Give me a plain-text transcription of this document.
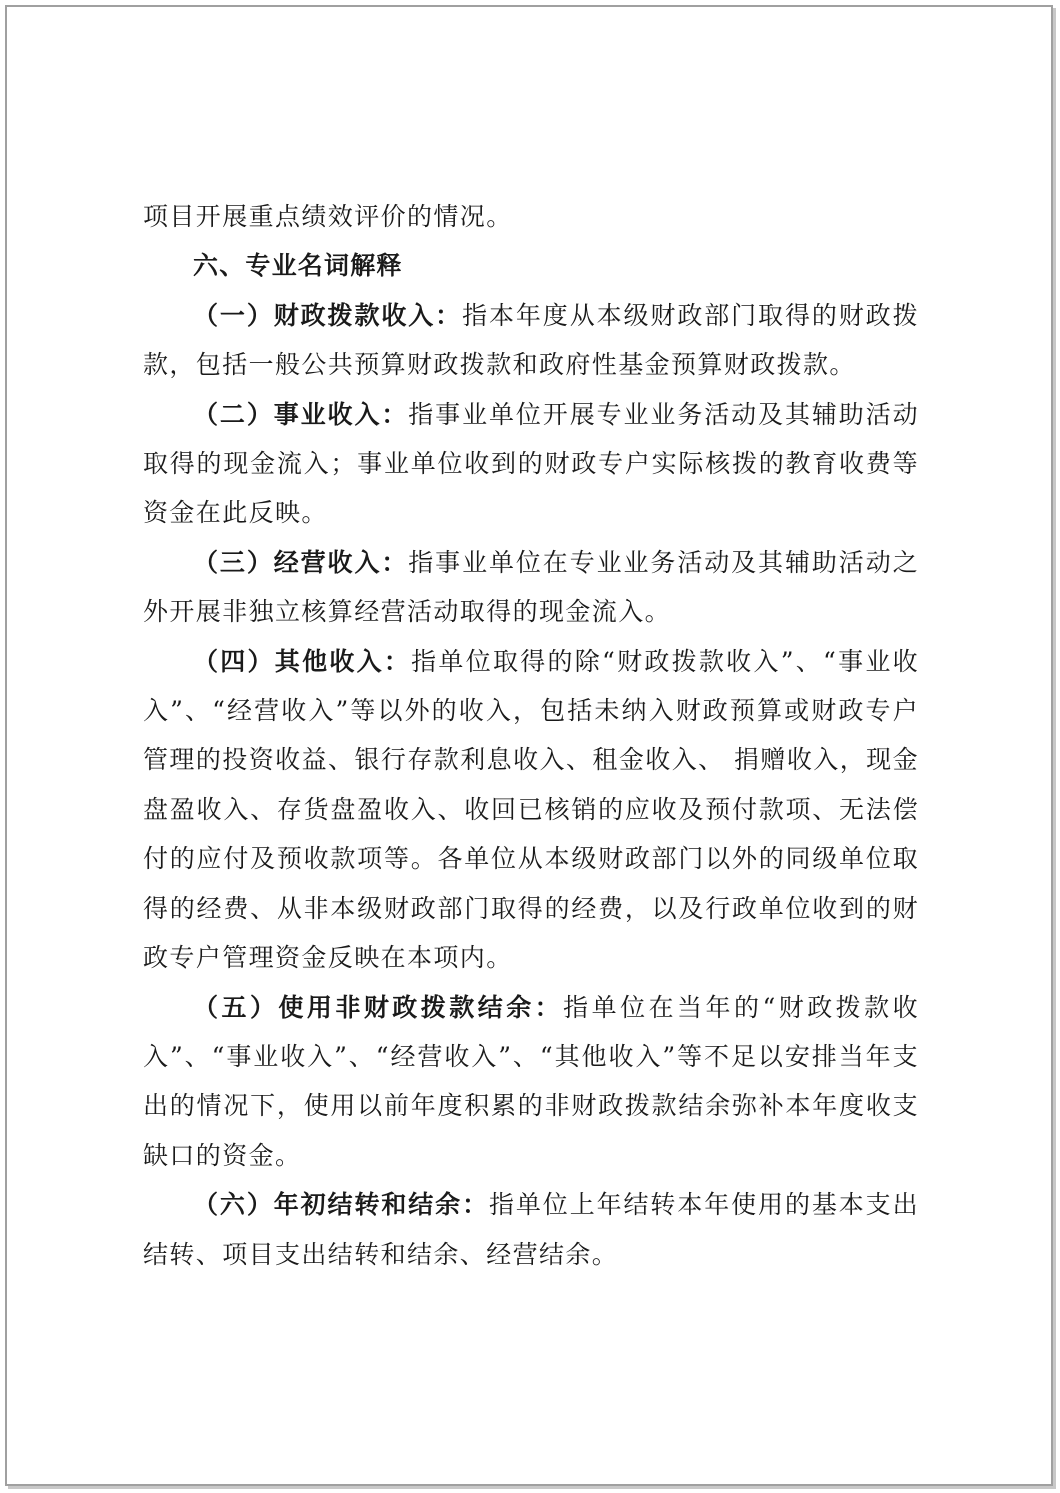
项目开展重点绩效评价的情况。

六、专业名词解释

（一）财政拨款收入：指本年度从本级财政部门取得的财政拨款，包括一般公共预算财政拨款和政府性基金预算财政拨款。

（二）事业收入：指事业单位开展专业业务活动及其辅助活动取得的现金流入；事业单位收到的财政专户实际核拨的教育收费等资金在此反映。

（三）经营收入：指事业单位在专业业务活动及其辅助活动之外开展非独立核算经营活动取得的现金流入。

（四）其他收入：指单位取得的除“财政拨款收入”、“事业收入”、“经营收入”等以外的收入，包括未纳入财政预算或财政专户管理的投资收益、银行存款利息收入、租金收入、 捐赠收入，现金盘盈收入、存货盘盈收入、收回已核销的应收及预付款项、无法偿付的应付及预收款项等。各单位从本级财政部门以外的同级单位取得的经费、从非本级财政部门取得的经费，以及行政单位收到的财政专户管理资金反映在本项内。

（五）使用非财政拨款结余：指单位在当年的“财政拨款收入”、“事业收入”、“经营收入”、“其他收入”等不足以安排当年支出的情况下，使用以前年度积累的非财政拨款结余弥补本年度收支缺口的资金。

（六）年初结转和结余：指单位上年结转本年使用的基本支出结转、项目支出结转和结余、经营结余。
